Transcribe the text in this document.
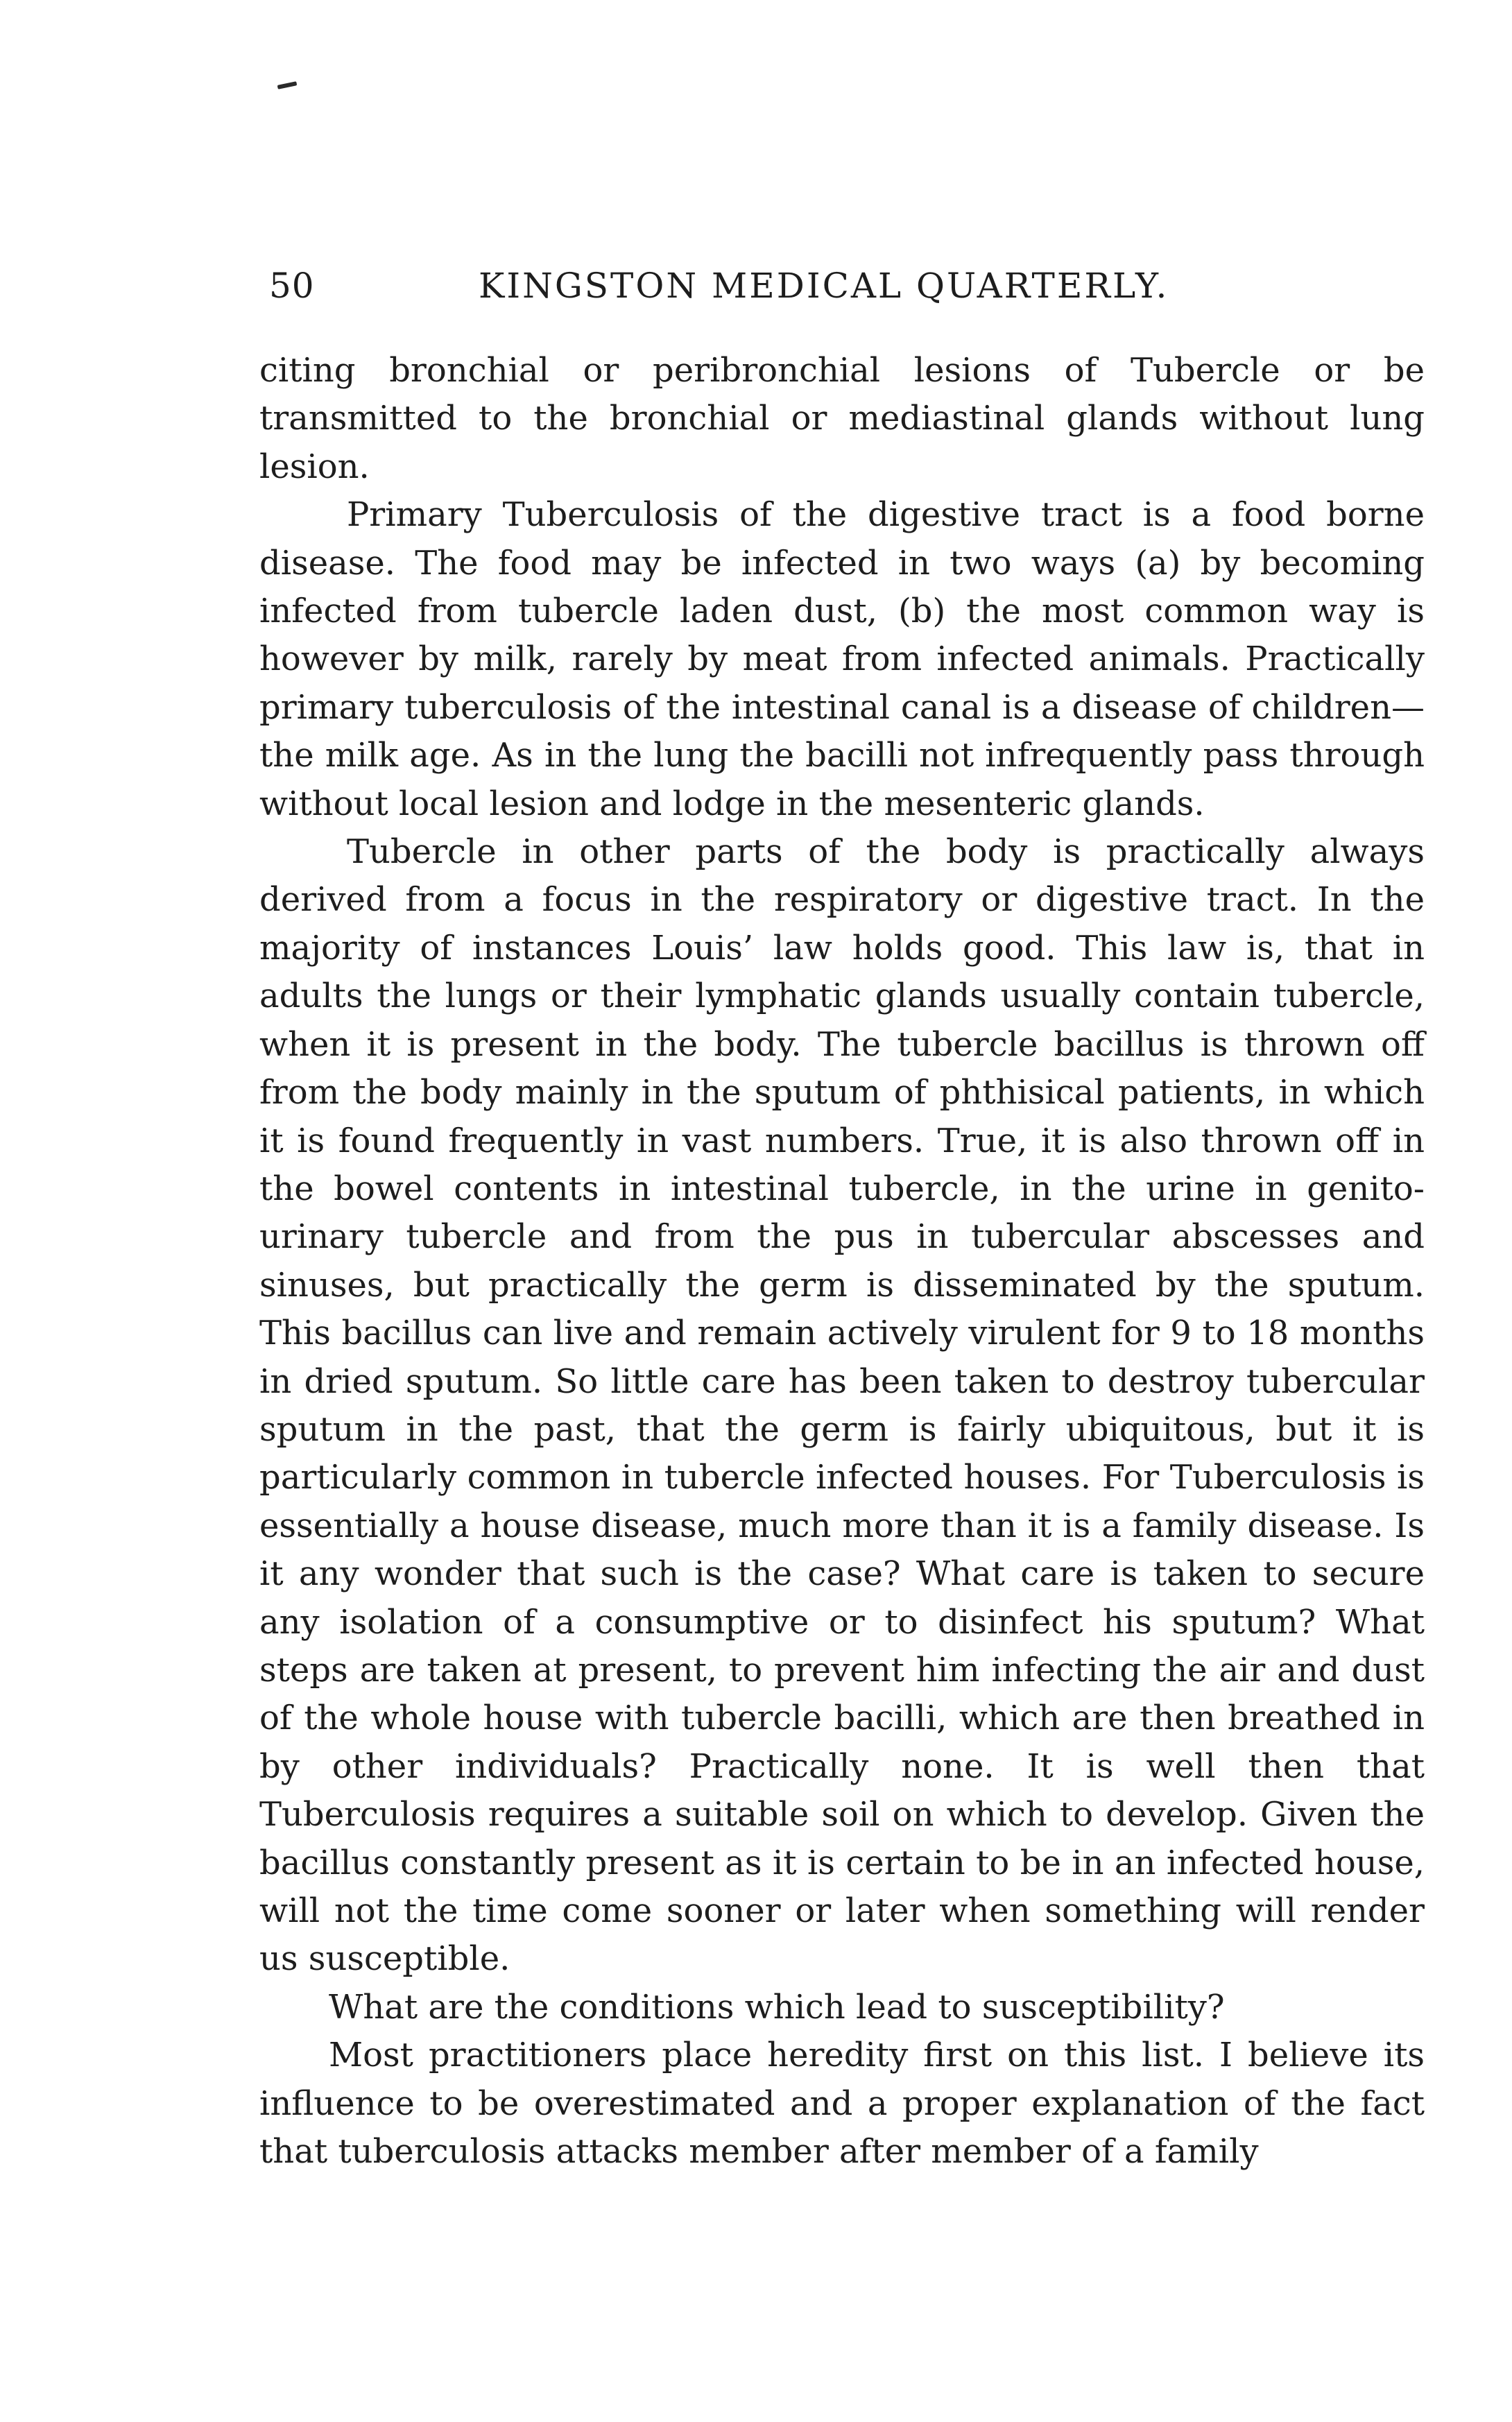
50	KINGSTON MEDICAL QUARTERLY.

citing bronchial or peribronchial lesions of Tubercle or be transmitted to the bronchial or mediastinal glands without lung lesion.

Primary Tuberculosis of the digestive tract is a food borne disease. The food may be infected in two ways (a) by becoming infected from tubercle laden dust, (b) the most common way is however by milk, rarely by meat from infected animals. Practically primary tuberculosis of the intestinal canal is a disease of children—the milk age. As in the lung the bacilli not infrequently pass through without local lesion and lodge in the mesenteric glands.

Tubercle in other parts of the body is practically always derived from a focus in the respiratory or digestive tract. In the majority of instances Louis’ law holds good. This law is, that in adults the lungs or their lymphatic glands usually contain tubercle, when it is present in the body. The tubercle bacillus is thrown off from the body mainly in the sputum of phthisical patients, in which it is found frequently in vast numbers. True, it is also thrown off in the bowel contents in intestinal tubercle, in the urine in genito-urinary tubercle and from the pus in tubercular abscesses and sinuses, but practically the germ is disseminated by the sputum. This bacillus can live and remain actively virulent for 9 to 18 months in dried sputum. So little care has been taken to destroy tubercular sputum in the past, that the germ is fairly ubiquitous, but it is particularly common in tubercle infected houses. For Tuberculosis is essentially a house disease, much more than it is a family disease. Is it any wonder that such is the case? What care is taken to secure any isolation of a consumptive or to disinfect his sputum? What steps are taken at present, to prevent him infecting the air and dust of the whole house with tubercle bacilli, which are then breathed in by other individuals? Practically none. It is well then that Tuberculosis requires a suitable soil on which to develop. Given the bacillus constantly present as it is certain to be in an infected house, will not the time come sooner or later when something will render us susceptible.

What are the conditions which lead to susceptibility?

Most practitioners place heredity first on this list. I believe its influence to be overestimated and a proper explanation of the fact that tuberculosis attacks member after member of a family
